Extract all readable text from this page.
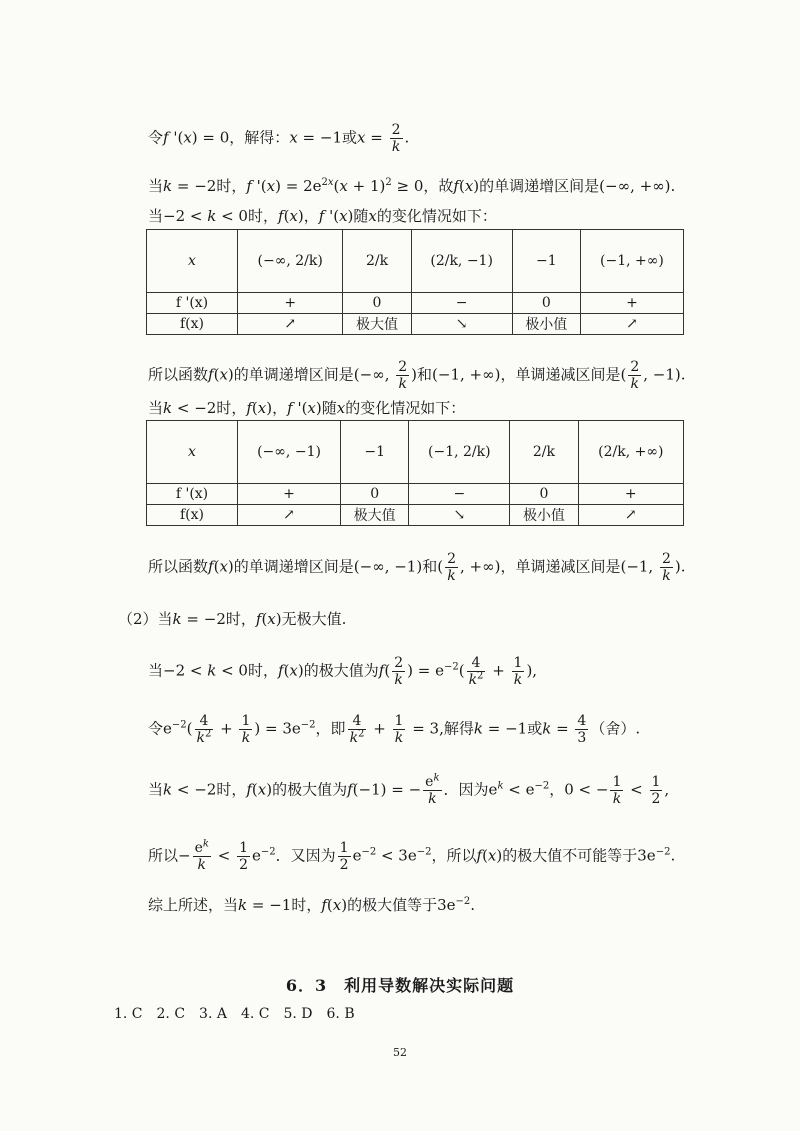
令f '(x) = 0，解得：x = −1或$x = \frac{2}{k}$ .
当k = −2时，f '$(x) = 2e^{2x}(x + 1)^2 \ge 0$，故f(x)的单调递增区间是(−∞, +∞).
当−2 < k < 0时，f(x)，f '(x)随x的变化情况如下：
x	(−∞, 2/k)	2/k	(2/k, −1)	−1	(−1, +∞)
f '(x)	+	0	−	0	+
f(x)	↗	极大值	↘	极小值	↗
所以函数f(x)的单调递增区间是(−∞, $\frac{2}{k}$ )和(−1, +∞)，单调递减区间是( $\frac{2}{k}$ , −1).
当k < −2时，f(x)，f '(x)随x的变化情况如下：
x	(−∞, −1)	−1	(−1, 2/k)	2/k	(2/k, +∞)
f '(x)	+	0	−	0	+
f(x)	↗	极大值	↘	极小值	↗
所以函数f(x)的单调递增区间是(−∞, −1)和( $\frac{2}{k}$ , +∞)，单调递减区间是(−1, $\frac{2}{k}$ ).
（2）当k = −2时，f(x)无极大值.
当−2 < k < 0时，f(x)的极大值为$f( \frac{2}{k}$ ) = $e^{-2}( \frac{4}{k^2} + \frac{1}{k}$ ),
令$e^{-2}( \frac{4}{k^2} + \frac{1}{k}$ ) = $3e^{-2}$，即 $\frac{4}{k^2} + \frac{1}{k} = 3$,解得k = −1或$k = \frac{4}{3}$ （舍）.
当k < −2时，f(x)的极大值为f(−1) = − $\frac{e^k}{k}$ ．因为$e^k < e^{-2}$，0 < − $\frac{1}{k} < \frac{1}{2}$ ,
所以− $\frac{e^k}{k} < \frac{1}{2} e^{-2}$．又因为 $\frac{1}{2} e^{-2} < 3e^{-2}$，所以f(x)的极大值不可能等于$3e^{-2}$.
综上所述，当k = −1时，f(x)的极大值等于$3e^{-2}$.
6．3　利用导数解决实际问题
1. C　2. C　3. A　4. C　5. D　6. B
52
